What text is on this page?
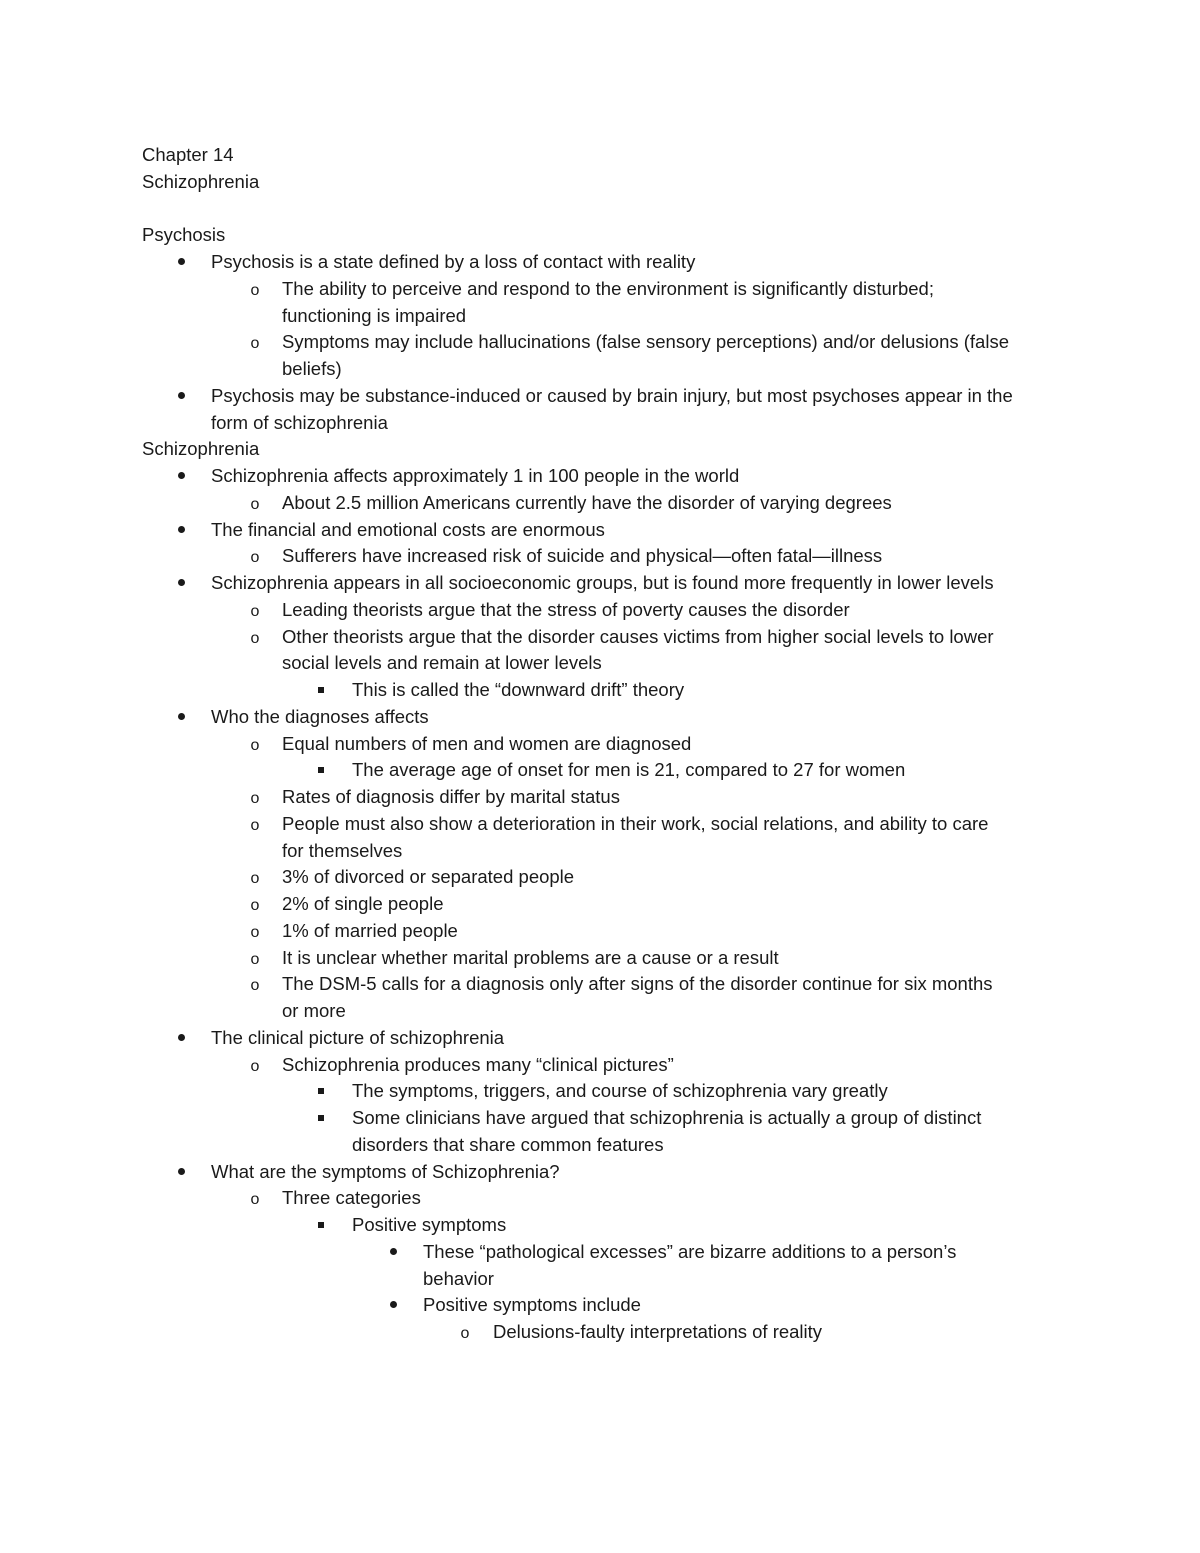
Chapter 14
Schizophrenia
Psychosis
Psychosis is a state defined by a loss of contact with reality
o The ability to perceive and respond to the environment is significantly disturbed;
functioning is impaired
o Symptoms may include hallucinations (false sensory perceptions) and/or delusions (false
beliefs)
Psychosis may be substance-induced or caused by brain injury, but most psychoses appear in the
form of schizophrenia
Schizophrenia
Schizophrenia affects approximately 1 in 100 people in the world
o About 2.5 million Americans currently have the disorder of varying degrees
The financial and emotional costs are enormous
o Sufferers have increased risk of suicide and physical—often fatal—illness
Schizophrenia appears in all socioeconomic groups, but is found more frequently in lower levels
o Leading theorists argue that the stress of poverty causes the disorder
o Other theorists argue that the disorder causes victims from higher social levels to lower
social levels and remain at lower levels
This is called the “downward drift” theory
Who the diagnoses affects
o Equal numbers of men and women are diagnosed
The average age of onset for men is 21, compared to 27 for women
o Rates of diagnosis differ by marital status
o People must also show a deterioration in their work, social relations, and ability to care
for themselves
o 3% of divorced or separated people
o 2% of single people
o 1% of married people
o It is unclear whether marital problems are a cause or a result
o The DSM-5 calls for a diagnosis only after signs of the disorder continue for six months
or more
The clinical picture of schizophrenia
o Schizophrenia produces many “clinical pictures”
The symptoms, triggers, and course of schizophrenia vary greatly
Some clinicians have argued that schizophrenia is actually a group of distinct
disorders that share common features
What are the symptoms of Schizophrenia?
o Three categories
Positive symptoms
These “pathological excesses” are bizarre additions to a person’s
behavior
Positive symptoms include
o Delusions-faulty interpretations of reality
